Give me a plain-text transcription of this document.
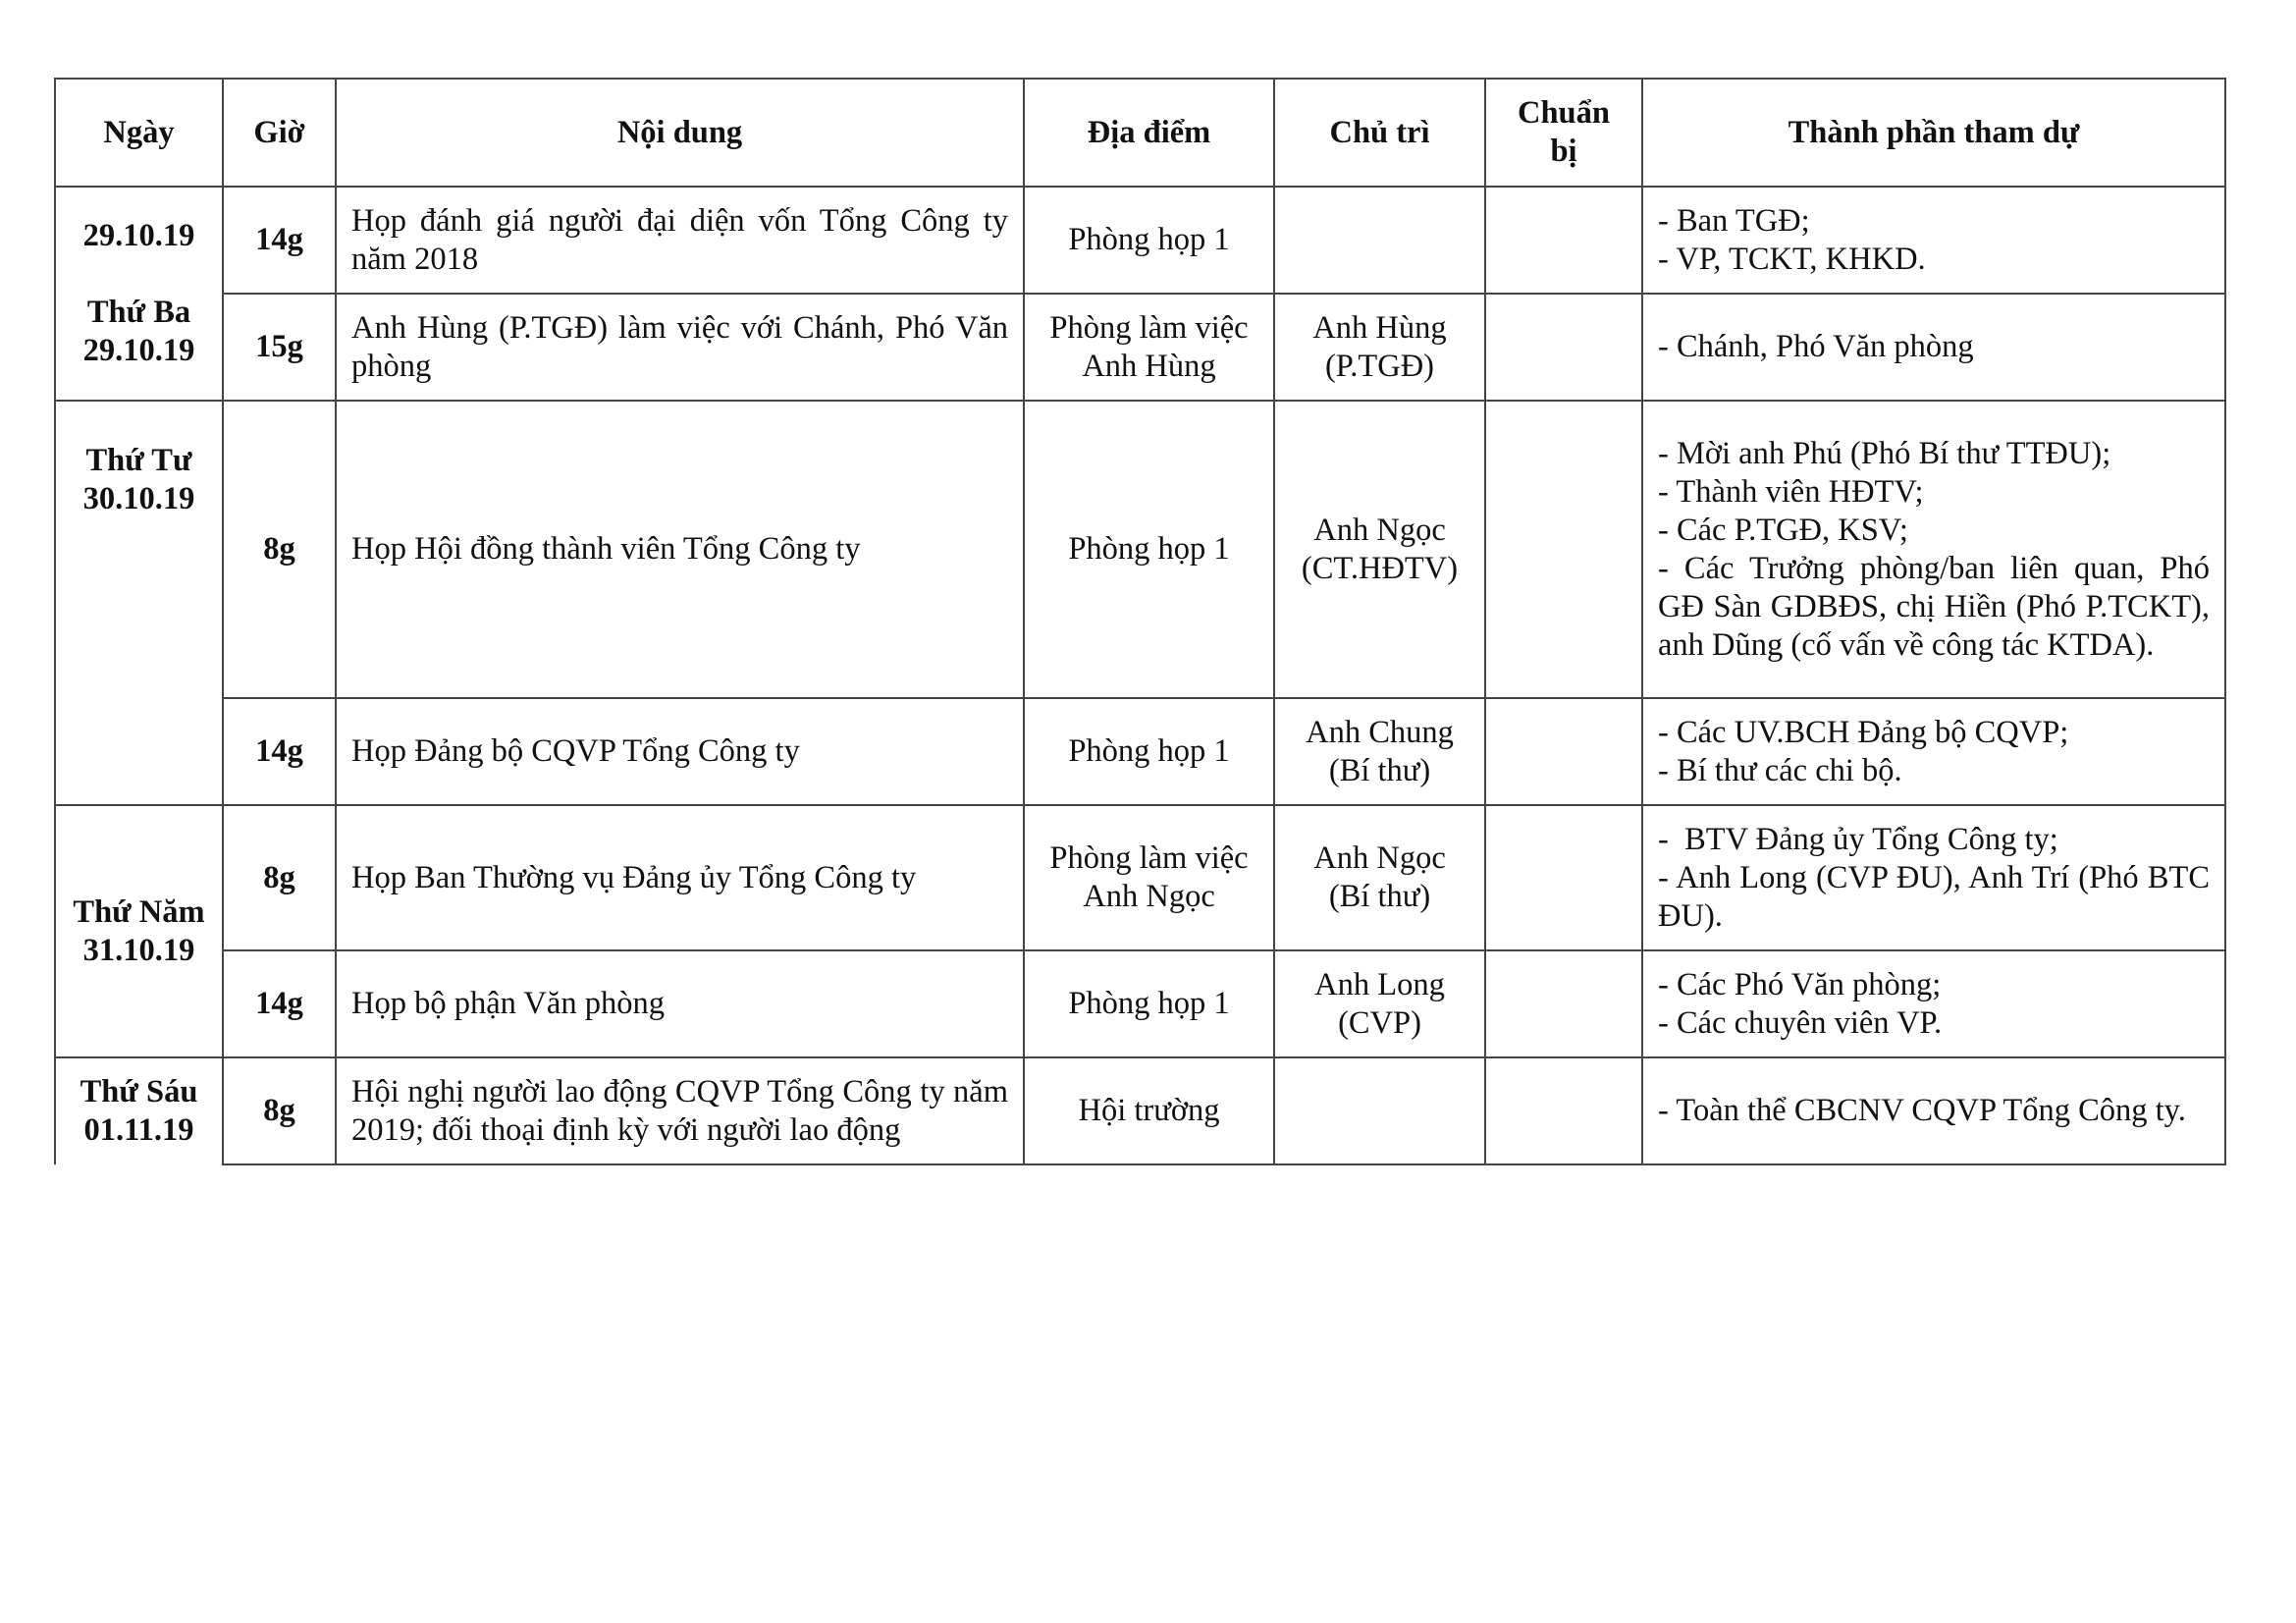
Ngày	Giờ	Nội dung	Địa điểm	Chủ trì	Chuẩn bị	Thành phần tham dự

29.10.19
Thứ Ba
29.10.19	14g	Họp đánh giá người đại diện vốn Tổng Công ty năm 2018	Phòng họp 1			- Ban TGĐ;
- VP, TCKT, KHKD.

	15g	Anh Hùng (P.TGĐ) làm việc với Chánh, Phó Văn phòng	Phòng làm việc Anh Hùng	Anh Hùng (P.TGĐ)		- Chánh, Phó Văn phòng

Thứ Tư
30.10.19	8g	Họp Hội đồng thành viên Tổng Công ty	Phòng họp 1	Anh Ngọc (CT.HĐTV)		- Mời anh Phú (Phó Bí thư TTĐU);
- Thành viên HĐTV;
- Các P.TGĐ, KSV;
- Các Trưởng phòng/ban liên quan, Phó GĐ Sàn GDBĐS, chị Hiền (Phó P.TCKT), anh Dũng (cố vấn về công tác KTDA).

	14g	Họp Đảng bộ CQVP Tổng Công ty	Phòng họp 1	Anh Chung (Bí thư)		- Các UV.BCH Đảng bộ CQVP;
- Bí thư các chi bộ.

Thứ Năm
31.10.19	8g	Họp Ban Thường vụ Đảng ủy Tổng Công ty	Phòng làm việc Anh Ngọc	Anh Ngọc (Bí thư)		-  BTV Đảng ủy Tổng Công ty;
- Anh Long (CVP ĐU), Anh Trí (Phó BTC ĐU).

	14g	Họp bộ phận Văn phòng	Phòng họp 1	Anh Long (CVP)		- Các Phó Văn phòng;
- Các chuyên viên VP.

Thứ Sáu
01.11.19	8g	Hội nghị người lao động CQVP Tổng Công ty năm 2019; đối thoại định kỳ với người lao động	Hội trường			- Toàn thể CBCNV CQVP Tổng Công ty.
